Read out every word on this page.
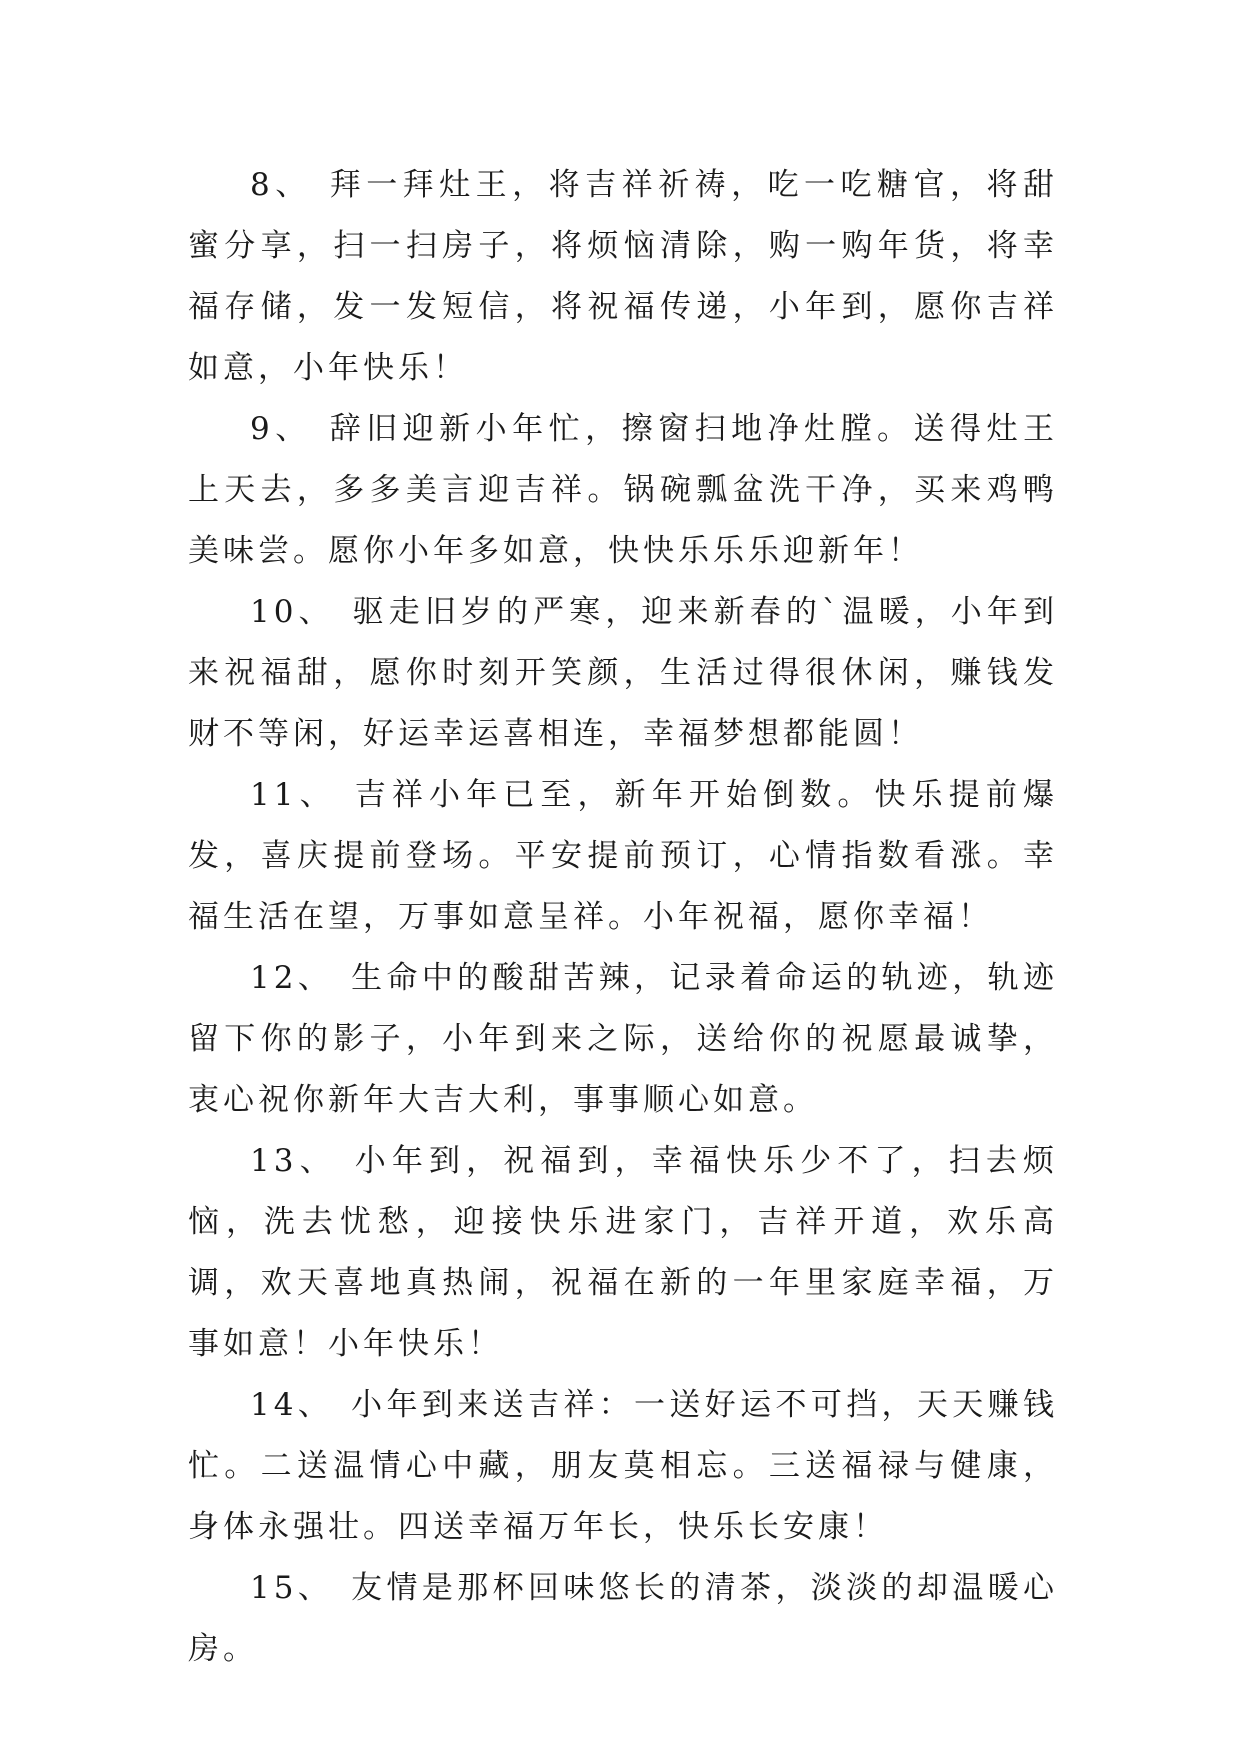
8、 拜一拜灶王，将吉祥祈祷，吃一吃糖官，将甜蜜分享，扫一扫房子，将烦恼清除，购一购年货，将幸福存储，发一发短信，将祝福传递，小年到，愿你吉祥如意，小年快乐！

9、 辞旧迎新小年忙，擦窗扫地净灶膛。送得灶王上天去，多多美言迎吉祥。锅碗瓢盆洗干净，买来鸡鸭美味尝。愿你小年多如意，快快乐乐乐迎新年！

10、 驱走旧岁的严寒，迎来新春的`温暖，小年到来祝福甜，愿你时刻开笑颜，生活过得很休闲，赚钱发财不等闲，好运幸运喜相连，幸福梦想都能圆！

11、 吉祥小年已至，新年开始倒数。快乐提前爆发，喜庆提前登场。平安提前预订，心情指数看涨。幸福生活在望，万事如意呈祥。小年祝福，愿你幸福！

12、 生命中的酸甜苦辣，记录着命运的轨迹，轨迹留下你的影子，小年到来之际，送给你的祝愿最诚挚，衷心祝你新年大吉大利，事事顺心如意。

13、 小年到，祝福到，幸福快乐少不了，扫去烦恼，洗去忧愁，迎接快乐进家门，吉祥开道，欢乐高调，欢天喜地真热闹，祝福在新的一年里家庭幸福，万事如意！小年快乐！

14、 小年到来送吉祥：一送好运不可挡，天天赚钱忙。二送温情心中藏，朋友莫相忘。三送福禄与健康，身体永强壮。四送幸福万年长，快乐长安康！

15、 友情是那杯回味悠长的清茶，淡淡的却温暖心房。
